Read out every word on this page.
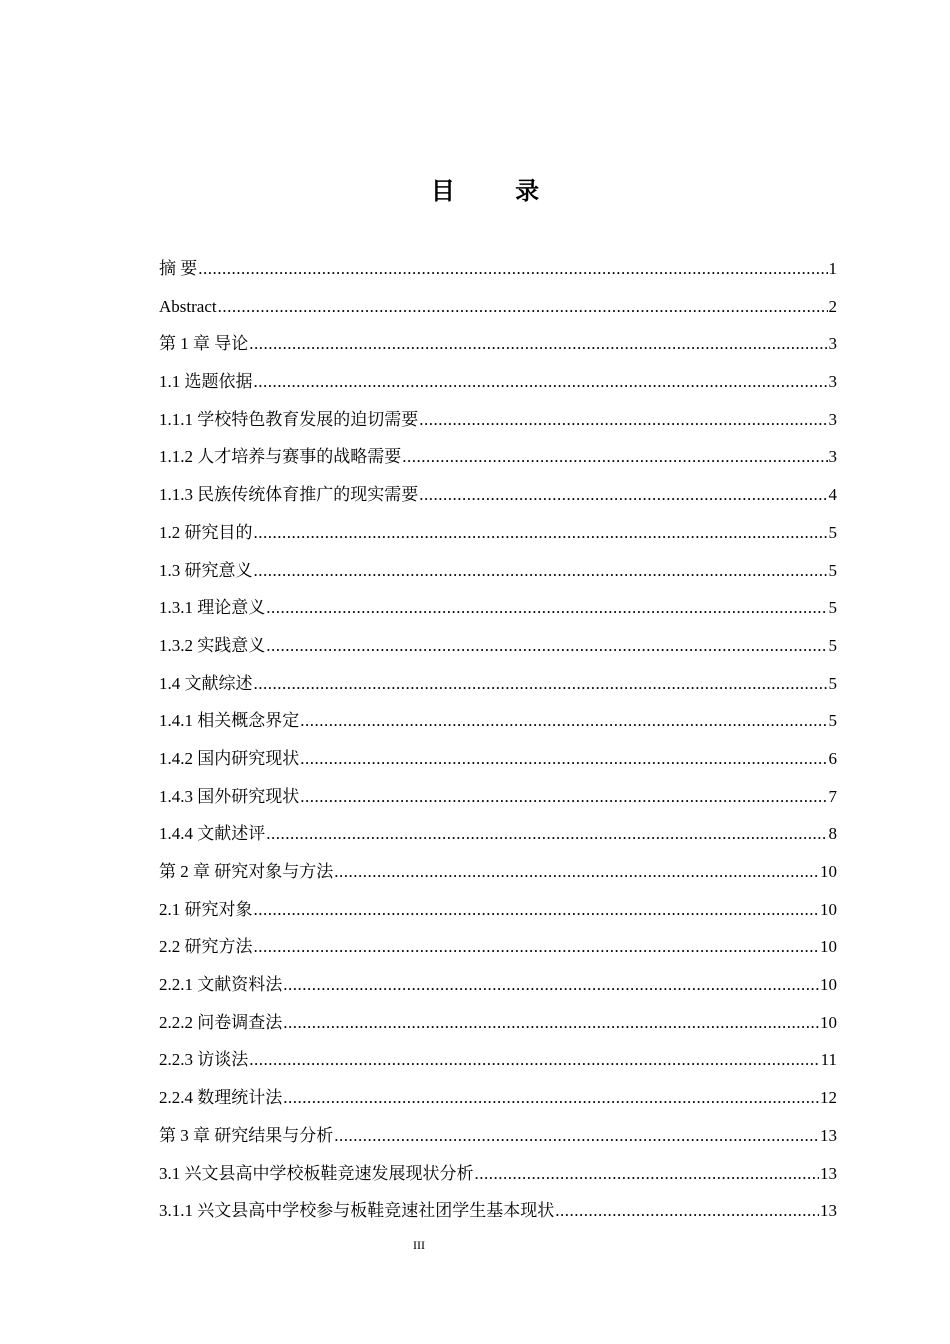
目 录
摘 要 .....	1
Abstract .....	2
第 1 章 导论 .....	3
1.1 选题依据 .....	3
1.1.1 学校特色教育发展的迫切需要 .....	3
1.1.2 人才培养与赛事的战略需要 .....	3
1.1.3 民族传统体育推广的现实需要 .....	4
1.2 研究目的 .....	5
1.3 研究意义 .....	5
1.3.1 理论意义 .....	5
1.3.2 实践意义 .....	5
1.4 文献综述 .....	5
1.4.1 相关概念界定 .....	5
1.4.2 国内研究现状 .....	6
1.4.3 国外研究现状 .....	7
1.4.4 文献述评 .....	8
第 2 章 研究对象与方法 .....	10
2.1 研究对象 .....	10
2.2 研究方法 .....	10
2.2.1 文献资料法 .....	10
2.2.2 问卷调查法 .....	10
2.2.3 访谈法 .....	11
2.2.4 数理统计法 .....	12
第 3 章 研究结果与分析 .....	13
3.1 兴文县高中学校板鞋竞速发展现状分析 .....	13
3.1.1 兴文县高中学校参与板鞋竞速社团学生基本现状 .....	13
III
